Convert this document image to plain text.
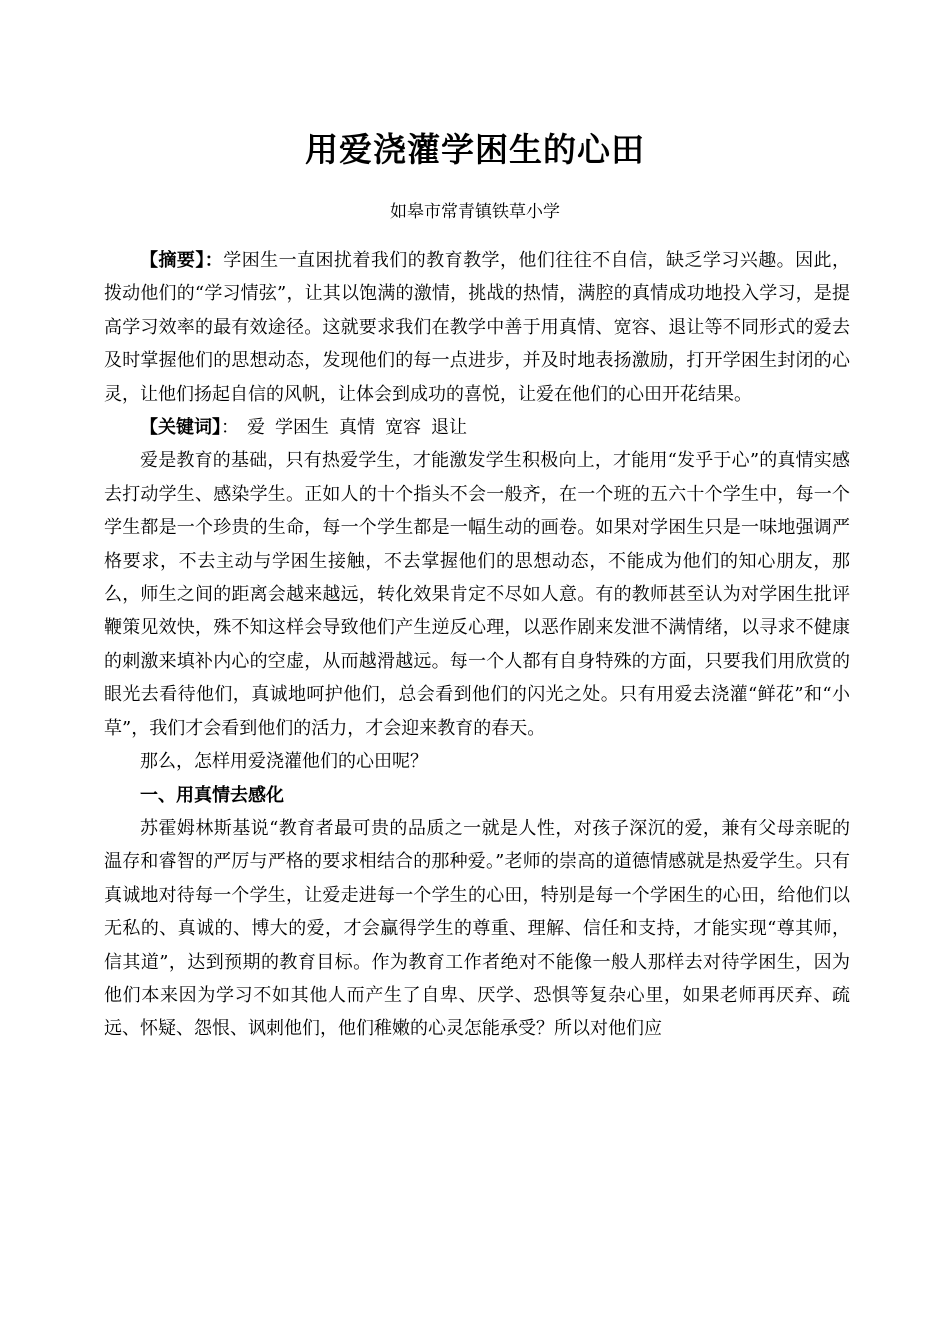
用爱浇灌学困生的心田
如皋市常青镇铁草小学

【摘要】：学困生一直困扰着我们的教育教学，他们往往不自信，缺乏学习兴趣。因此，拨动他们的“学习情弦”，让其以饱满的激情，挑战的热情，满腔的真情成功地投入学习，是提高学习效率的最有效途径。这就要求我们在教学中善于用真情、宽容、退让等不同形式的爱去及时掌握他们的思想动态，发现他们的每一点进步，并及时地表扬激励，打开学困生封闭的心灵，让他们扬起自信的风帆，让体会到成功的喜悦，让爱在他们的心田开花结果。

【关键词】： 爱 学困生 真情 宽容 退让

爱是教育的基础，只有热爱学生，才能激发学生积极向上，才能用“发乎于心”的真情实感去打动学生、感染学生。正如人的十个指头不会一般齐，在一个班的五六十个学生中，每一个学生都是一个珍贵的生命，每一个学生都是一幅生动的画卷。如果对学困生只是一味地强调严格要求，不去主动与学困生接触，不去掌握他们的思想动态，不能成为他们的知心朋友，那么，师生之间的距离会越来越远，转化效果肯定不尽如人意。有的教师甚至认为对学困生批评鞭策见效快，殊不知这样会导致他们产生逆反心理，以恶作剧来发泄不满情绪，以寻求不健康的刺激来填补内心的空虚，从而越滑越远。每一个人都有自身特殊的方面，只要我们用欣赏的眼光去看待他们，真诚地呵护他们，总会看到他们的闪光之处。只有用爱去浇灌“鲜花”和“小草”，我们才会看到他们的活力，才会迎来教育的春天。

那么，怎样用爱浇灌他们的心田呢？

一、用真情去感化

苏霍姆林斯基说“教育者最可贵的品质之一就是人性，对孩子深沉的爱，兼有父母亲昵的温存和睿智的严厉与严格的要求相结合的那种爱。”老师的崇高的道德情感就是热爱学生。只有真诚地对待每一个学生，让爱走进每一个学生的心田，特别是每一个学困生的心田，给他们以无私的、真诚的、博大的爱，才会赢得学生的尊重、理解、信任和支持，才能实现“尊其师，信其道”，达到预期的教育目标。作为教育工作者绝对不能像一般人那样去对待学困生，因为他们本来因为学习不如其他人而产生了自卑、厌学、恐惧等复杂心里，如果老师再厌弃、疏远、怀疑、怨恨、讽刺他们，他们稚嫩的心灵怎能承受？所以对他们应
